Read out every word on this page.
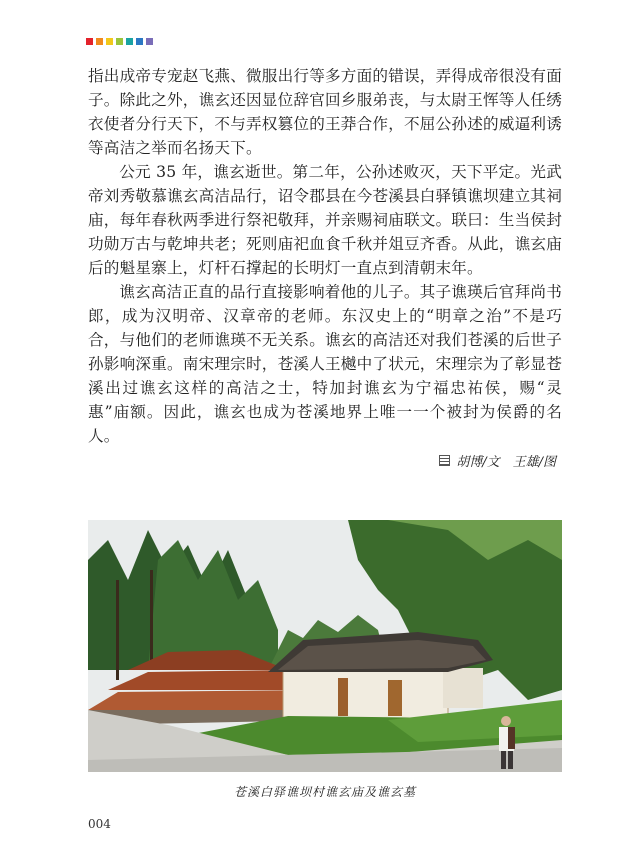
指出成帝专宠赵飞燕、微服出行等多方面的错误，弄得成帝很没有面子。除此之外，谯玄还因显位辞官回乡服弟丧，与太尉王恽等人任绣衣使者分行天下，不与弄权篡位的王莽合作，不屈公孙述的威逼利诱等高洁之举而名扬天下。

公元 35 年，谯玄逝世。第二年，公孙述败灭，天下平定。光武帝刘秀敬慕谯玄高洁品行，诏令郡县在今苍溪县白驿镇谯坝建立其祠庙，每年春秋两季进行祭祀敬拜，并亲赐祠庙联文。联曰：生当侯封功勋万古与乾坤共老；死则庙祀血食千秋并俎豆齐香。从此，谯玄庙后的魁星寨上，灯杆石撑起的长明灯一直点到清朝末年。

谯玄高洁正直的品行直接影响着他的儿子。其子谯瑛后官拜尚书郎，成为汉明帝、汉章帝的老师。东汉史上的“明章之治”不是巧合，与他们的老师谯瑛不无关系。谯玄的高洁还对我们苍溪的后世子孙影响深重。南宋理宗时，苍溪人王樾中了状元，宋理宗为了彰显苍溪出过谯玄这样的高洁之士，特加封谯玄为宁福忠祐侯，赐“灵惠”庙额。因此，谯玄也成为苍溪地界上唯一一个被封为侯爵的名人。

胡博/文　王雄/图
苍溪白驿谯坝村谯玄庙及谯玄墓
004
